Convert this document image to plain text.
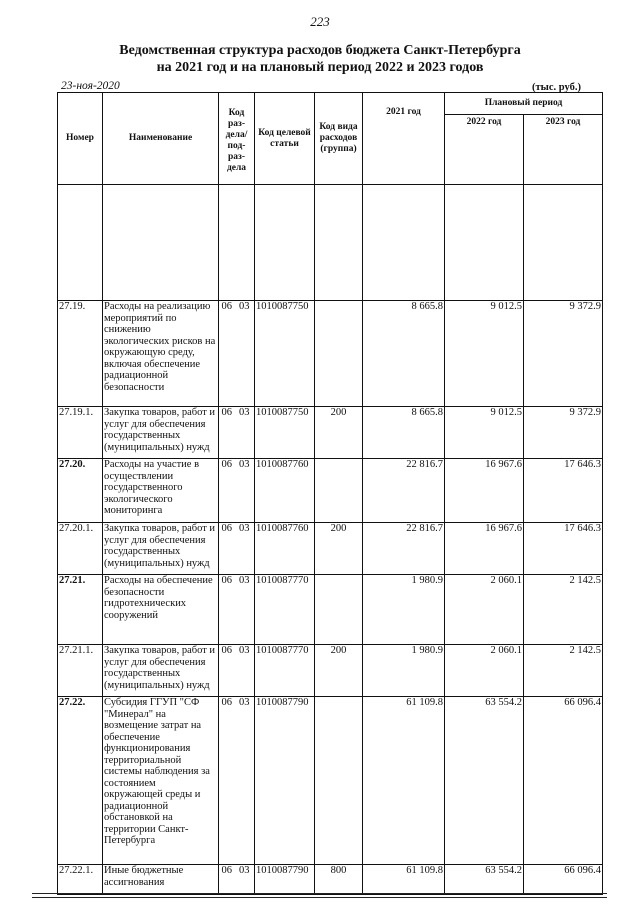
223
Ведомственная структура расходов бюджета Санкт-Петербурга
на 2021 год и на плановый период 2022 и 2023 годов
23-ноя-2020	(тыс. руб.)
Номер	Наименование	Код раз- дела/ под- раз- дела		Код целевой статьи	Код вида расходов (группа)	2021 год	Плановый период	
							2022 год	2023 год

27.19.	Расходы на реализацию мероприятий по снижению экологических рисков на окружающую среду, включая обеспечение радиационной безопасности	06	03	1010087750		8 665.8	9 012.5	9 372.9
27.19.1.	Закупка товаров, работ и услуг для обеспечения государственных (муниципальных) нужд	06	03	1010087750	200	8 665.8	9 012.5	9 372.9
27.20.	Расходы на участие в осуществлении государственного экологического мониторинга	06	03	1010087760		22 816.7	16 967.6	17 646.3
27.20.1.	Закупка товаров, работ и услуг для обеспечения государственных (муниципальных) нужд	06	03	1010087760	200	22 816.7	16 967.6	17 646.3
27.21.	Расходы на обеспечение безопасности гидротехнических сооружений	06	03	1010087770		1 980.9	2 060.1	2 142.5
27.21.1.	Закупка товаров, работ и услуг для обеспечения государственных (муниципальных) нужд	06	03	1010087770	200	1 980.9	2 060.1	2 142.5
27.22.	Субсидия ГГУП "СФ "Минерал" на возмещение затрат на обеспечение функционирования территориальной системы наблюдения за состоянием окружающей среды и радиационной обстановкой на территории Санкт-Петербурга	06	03	1010087790		61 109.8	63 554.2	66 096.4
27.22.1.	Иные бюджетные ассигнования	06	03	1010087790	800	61 109.8	63 554.2	66 096.4
